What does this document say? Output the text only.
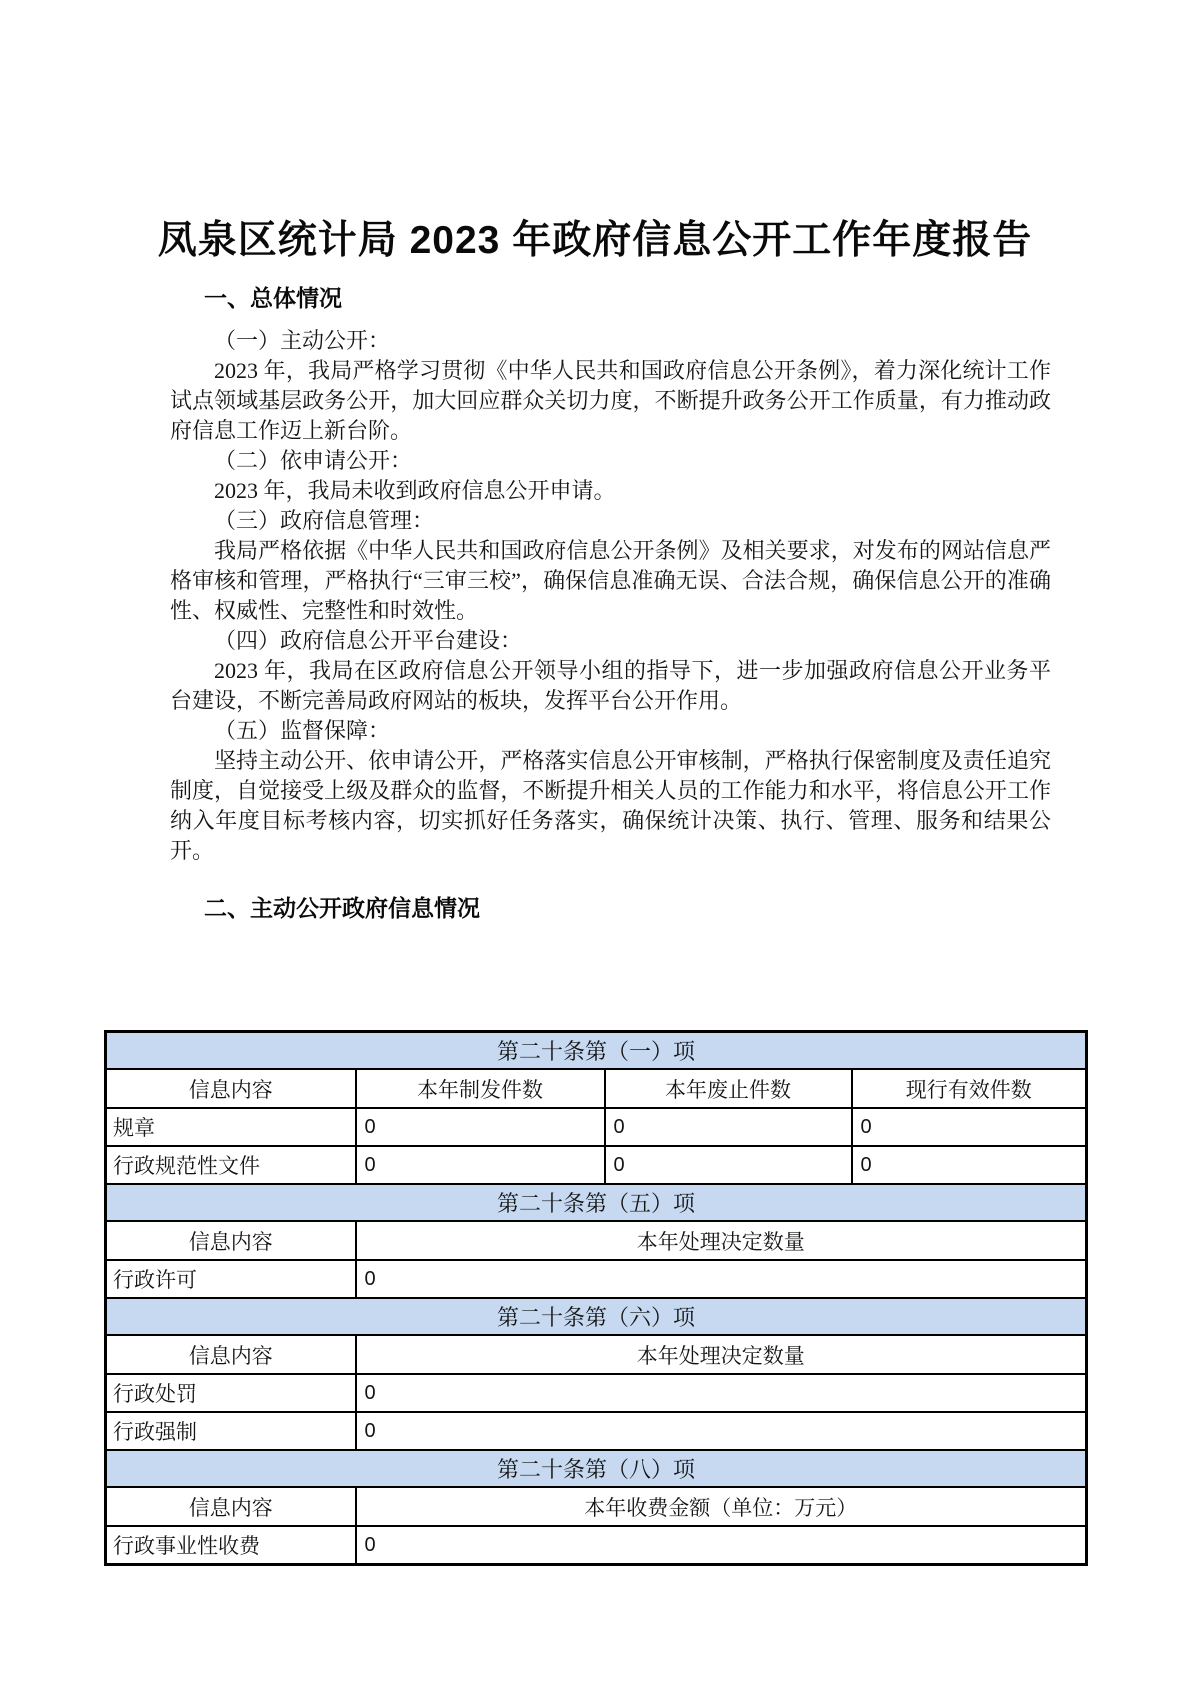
凤泉区统计局 2023 年政府信息公开工作年度报告
一、总体情况

（一）主动公开：

2023 年，我局严格学习贯彻《中华人民共和国政府信息公开条例》，着力深化统计工作试点领域基层政务公开，加大回应群众关切力度，不断提升政务公开工作质量，有力推动政府信息工作迈上新台阶。

（二）依申请公开：

2023 年，我局未收到政府信息公开申请。

（三）政府信息管理：

我局严格依据《中华人民共和国政府信息公开条例》及相关要求，对发布的网站信息严格审核和管理，严格执行“三审三校”，确保信息准确无误、合法合规，确保信息公开的准确性、权威性、完整性和时效性。

（四）政府信息公开平台建设：

2023 年，我局在区政府信息公开领导小组的指导下，进一步加强政府信息公开业务平台建设，不断完善局政府网站的板块，发挥平台公开作用。

（五）监督保障：

坚持主动公开、依申请公开，严格落实信息公开审核制，严格执行保密制度及责任追究制度，自觉接受上级及群众的监督，不断提升相关人员的工作能力和水平，将信息公开工作纳入年度目标考核内容，切实抓好任务落实，确保统计决策、执行、管理、服务和结果公开。

二、主动公开政府信息情况
第二十条第（一）项			
信息内容	本年制发件数	本年废止件数	现行有效件数
规章	0	0	0
行政规范性文件	0	0	0
第二十条第（五）项			
信息内容	本年处理决定数量		
行政许可	0		
第二十条第（六）项			
信息内容	本年处理决定数量		
行政处罚	0		
行政强制	0		
第二十条第（八）项			
信息内容	本年收费金额（单位：万元）		
行政事业性收费	0		
